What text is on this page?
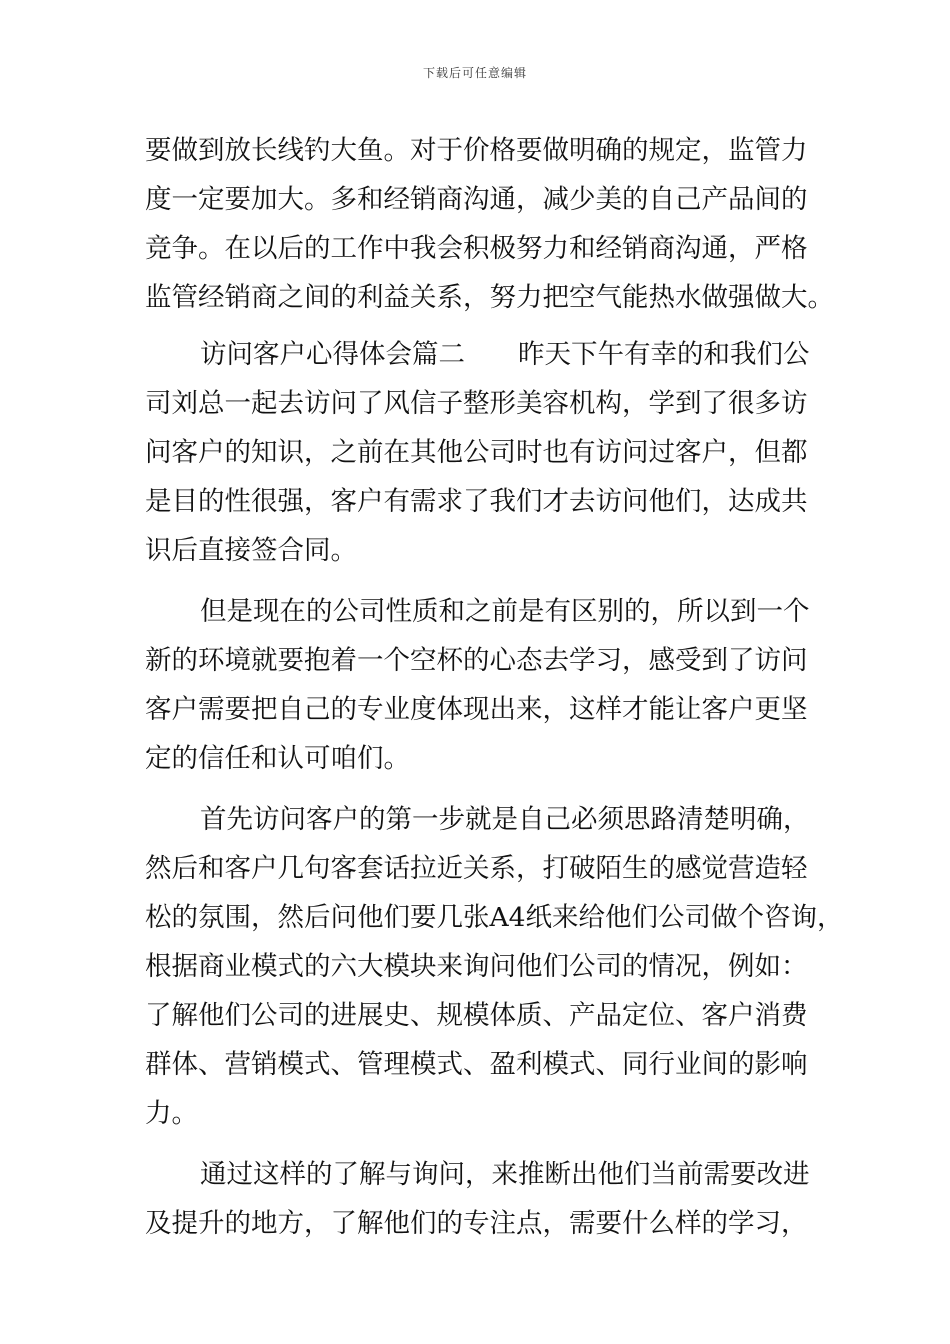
下载后可任意编辑
要做到放长线钓大鱼。对于价格要做明确的规定，监管力
度一定要加大。多和经销商沟通，减少美的自己产品间的
竞争。在以后的工作中我会积极努力和经销商沟通，严格
监管经销商之间的利益关系，努力把空气能热水做强做大。
访问客户心得体会篇二　　昨天下午有幸的和我们公
司刘总一起去访问了风信子整形美容机构，学到了很多访
问客户的知识，之前在其他公司时也有访问过客户，但都
是目的性很强，客户有需求了我们才去访问他们，达成共
识后直接签合同。
但是现在的公司性质和之前是有区别的，所以到一个
新的环境就要抱着一个空杯的心态去学习，感受到了访问
客户需要把自己的专业度体现出来，这样才能让客户更坚
定的信任和认可咱们。
首先访问客户的第一步就是自己必须思路清楚明确，
然后和客户几句客套话拉近关系，打破陌生的感觉营造轻
松的氛围，然后问他们要几张A4纸来给他们公司做个咨询，
根据商业模式的六大模块来询问他们公司的情况，例如：
了解他们公司的进展史、规模体质、产品定位、客户消费
群体、营销模式、管理模式、盈利模式、同行业间的影响
力。
通过这样的了解与询问，来推断出他们当前需要改进
及提升的地方，了解他们的专注点，需要什么样的学习，
